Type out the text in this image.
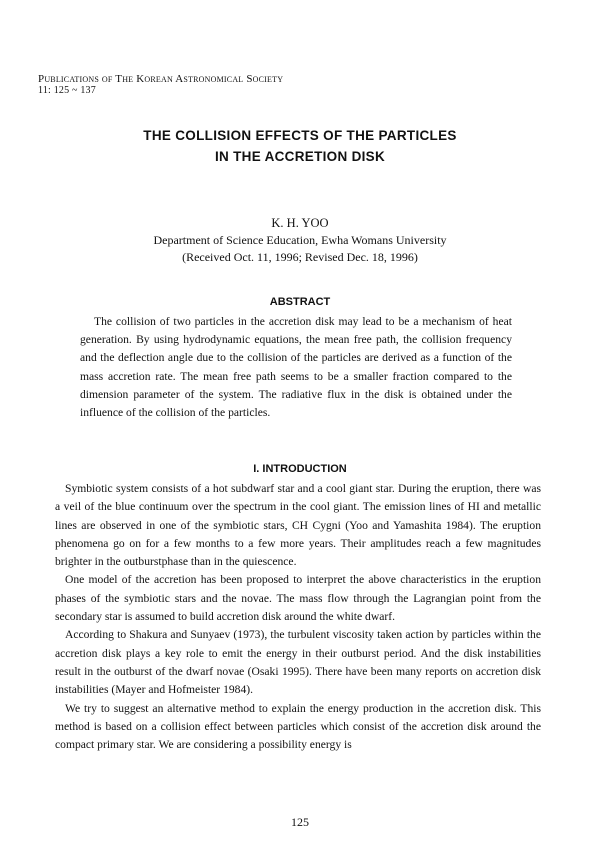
Publications of The Korean Astronomical Society
11: 125 ~ 137
THE COLLISION EFFECTS OF THE PARTICLES
IN THE ACCRETION DISK
K. H. YOO
Department of Science Education, Ewha Womans University
(Received Oct. 11, 1996; Revised Dec. 18, 1996)
ABSTRACT

The collision of two particles in the accretion disk may lead to be a mechanism of heat generation. By using hydrodynamic equations, the mean free path, the collision frequency and the deflection angle due to the collision of the particles are derived as a function of the mass accretion rate. The mean free path seems to be a smaller fraction compared to the dimension parameter of the system. The radiative flux in the disk is obtained under the influence of the collision of the particles.

I. INTRODUCTION

Symbiotic system consists of a hot subdwarf star and a cool giant star. During the eruption, there was a veil of the blue continuum over the spectrum in the cool giant. The emission lines of HI and metallic lines are observed in one of the symbiotic stars, CH Cygni (Yoo and Yamashita 1984). The eruption phenomena go on for a few months to a few more years. Their amplitudes reach a few magnitudes brighter in the outburstphase than in the quiescence.

One model of the accretion has been proposed to interpret the above characteristics in the eruption phases of the symbiotic stars and the novae. The mass flow through the Lagrangian point from the secondary star is assumed to build accretion disk around the white dwarf.

According to Shakura and Sunyaev (1973), the turbulent viscosity taken action by particles within the accretion disk plays a key role to emit the energy in their outburst period. And the disk instabilities result in the outburst of the dwarf novae (Osaki 1995). There have been many reports on accretion disk instabilities (Mayer and Hofmeister 1984).

We try to suggest an alternative method to explain the energy production in the accretion disk. This method is based on a collision effect between particles which consist of the accretion disk around the compact primary star. We are considering a possibility energy is

125
